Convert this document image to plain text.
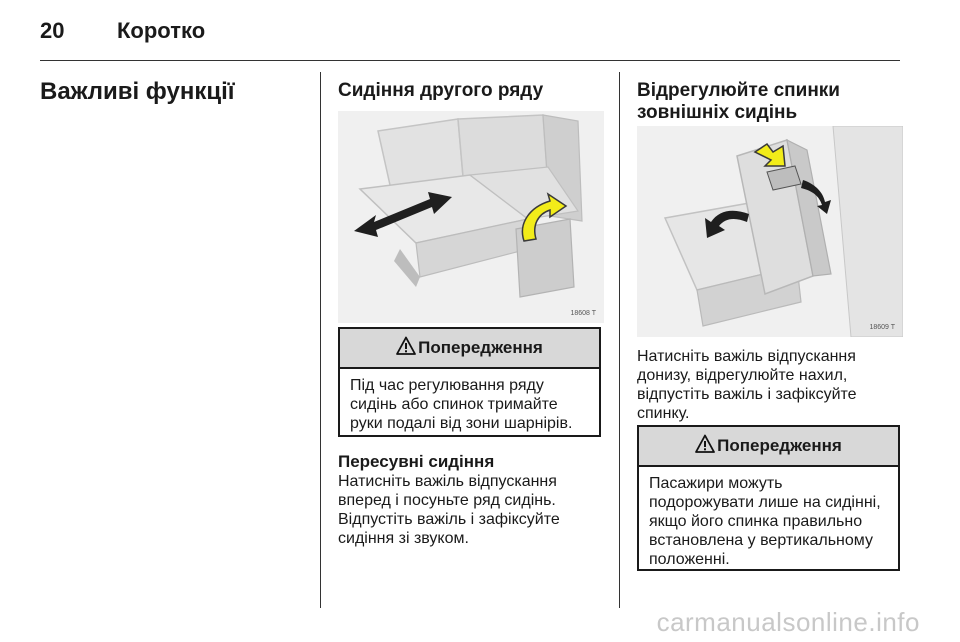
20 Коротко
Важливі функції	Сидіння другого ряду
18608 T
Попередження
Під час регулювання ряду сидінь або спинок тримайте руки подалі від зони шарнірів.
Пересувні сидіння
Натисніть важіль відпускання вперед і посуньте ряд сидінь. Відпустіть важіль і зафіксуйте сидіння зі звуком.
Відрегулюйте спинки зовнішніх сидінь
18609 T
Натисніть важіль відпускання донизу, відрегулюйте нахил, відпустіть важіль і зафіксуйте спинку.
Попередження
Пасажири можуть подорожувати лише на сидінні, якщо його спинка правильно встановлена у вертикальному положенні.
carmanualsonline.info
